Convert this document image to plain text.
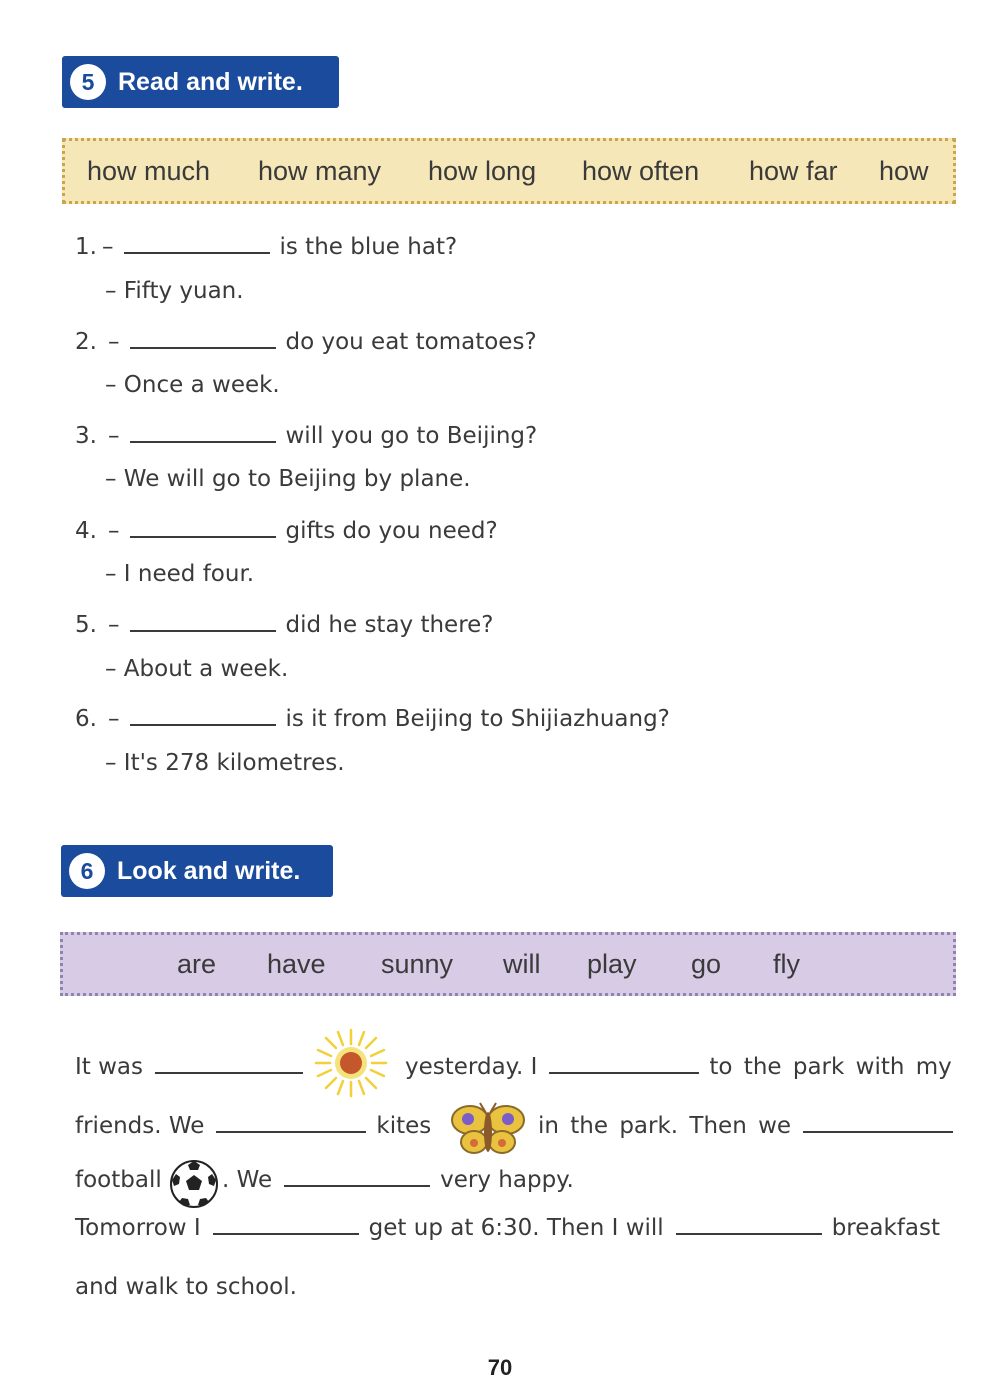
5 Read and write.
how much how many how long how often how far how
1. –	is the blue hat?
– Fifty yuan.
2. –	do you eat tomatoes?
– Once a week.
3. –	will you go to Beijing?
– We will go to Beijing by plane.
4. –	gifts do you need?
– I need four.
5. –	did he stay there?
– About a week.
6. –	is it from Beijing to Shijiazhuang?
– It's 278 kilometres.
6 Look and write.
are have sunny will play go fly
It was	yesterday. I	to the park with my
friends. We	kites	in the park. Then we
football	. We	very happy.
Tomorrow I	get up at 6:30. Then I will	breakfast
and walk to school.
70
